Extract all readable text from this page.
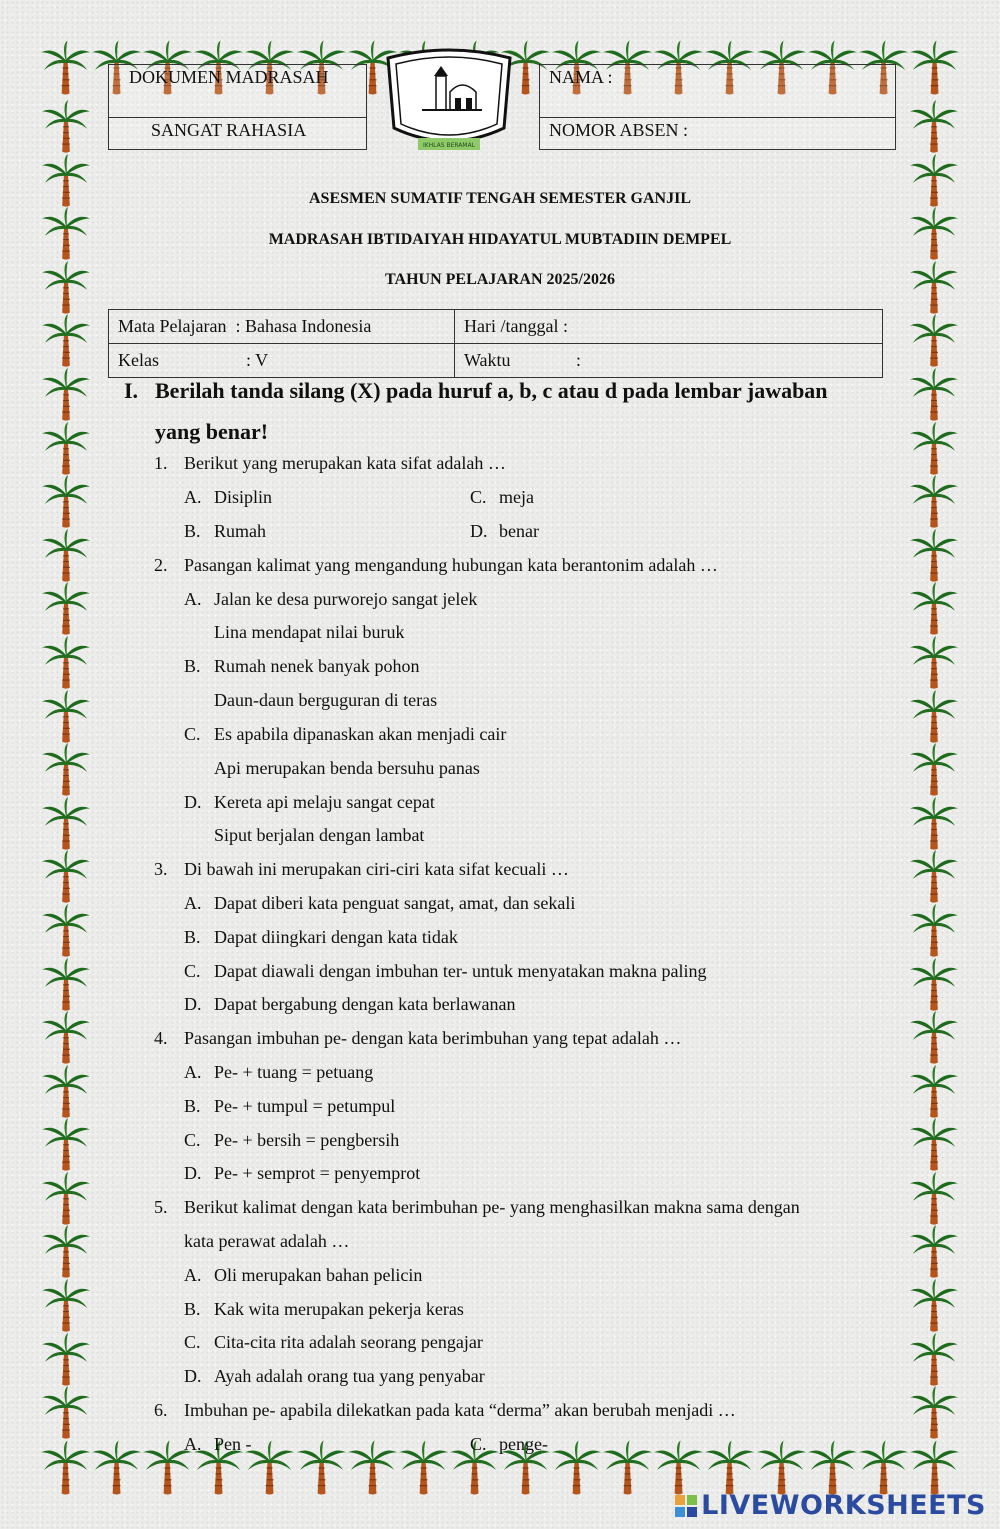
DOKUMEN MADRASAH
SANGAT RAHASIA
IKHLAS BERAMAL
NAMA :
NOMOR ABSEN :
ASESMEN SUMATIF TENGAH SEMESTER GANJIL
MADRASAH IBTIDAIYAH HIDAYATUL MUBTADIIN DEMPEL
TAHUN PELAJARAN 2025/2026
Mata Pelajaran : Bahasa Indonesia	Hari /tanggal :
Kelas : V	Waktu :
I. Berilah tanda silang (X) pada huruf a, b, c atau d pada lembar jawaban
yang benar!
1. Berikut yang merupakan kata sifat adalah …
A. Disiplin
B. Rumah
C. meja
D. benar
2. Pasangan kalimat yang mengandung hubungan kata berantonim adalah …
A. Jalan ke desa purworejo sangat jelek
Lina mendapat nilai buruk
B. Rumah nenek banyak pohon
Daun-daun berguguran di teras
C. Es apabila dipanaskan akan menjadi cair
Api merupakan benda bersuhu panas
D. Kereta api melaju sangat cepat
Siput berjalan dengan lambat
3. Di bawah ini merupakan ciri-ciri kata sifat kecuali …
A. Dapat diberi kata penguat sangat, amat, dan sekali
B. Dapat diingkari dengan kata tidak
C. Dapat diawali dengan imbuhan ter- untuk menyatakan makna paling
D. Dapat bergabung dengan kata berlawanan
4. Pasangan imbuhan pe- dengan kata berimbuhan yang tepat adalah …
A. Pe- + tuang = petuang
B. Pe- + tumpul = petumpul
C. Pe- + bersih = pengbersih
D. Pe- + semprot = penyemprot
5. Berikut kalimat dengan kata berimbuhan pe- yang menghasilkan makna sama dengan
kata perawat adalah …
A. Oli merupakan bahan pelicin
B. Kak wita merupakan pekerja keras
C. Cita-cita rita adalah seorang pengajar
D. Ayah adalah orang tua yang penyabar
6. Imbuhan pe- apabila dilekatkan pada kata “derma” akan berubah menjadi …
A. Pen -	C. penge-
LIVEWORKSHEETS
